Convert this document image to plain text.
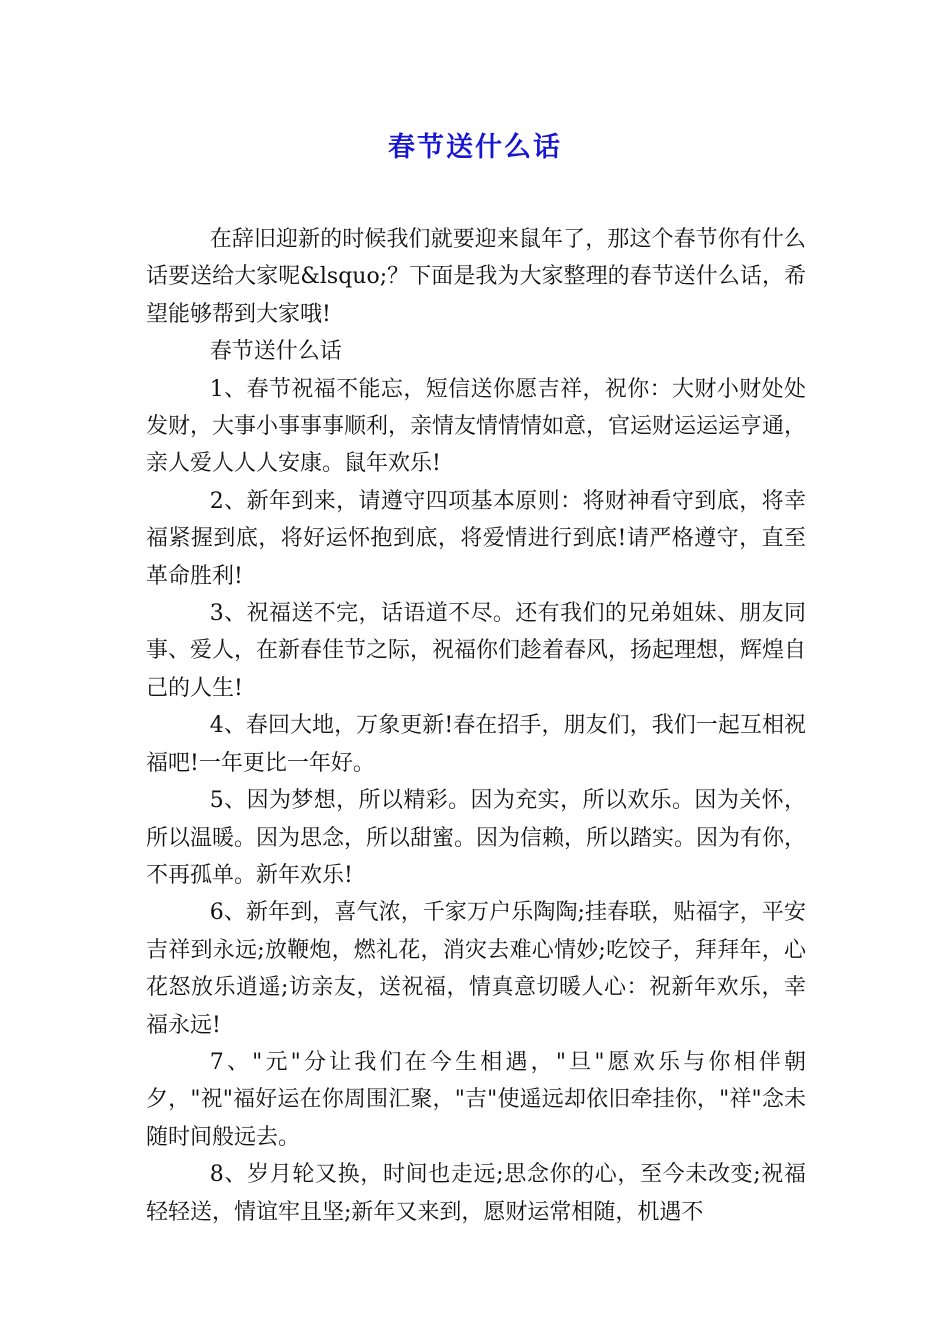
春节送什么话

在辞旧迎新的时候我们就要迎来鼠年了，那这个春节你有什么话要送给大家呢&lsquo;？下面是我为大家整理的春节送什么话，希望能够帮到大家哦!

春节送什么话

1、春节祝福不能忘，短信送你愿吉祥，祝你：大财小财处处发财，大事小事事事顺利，亲情友情情情如意，官运财运运运亨通，亲人爱人人人安康。鼠年欢乐!

2、新年到来，请遵守四项基本原则：将财神看守到底，将幸福紧握到底，将好运怀抱到底，将爱情进行到底!请严格遵守，直至革命胜利!

3、祝福送不完，话语道不尽。还有我们的兄弟姐妹、朋友同事、爱人，在新春佳节之际，祝福你们趁着春风，扬起理想，辉煌自己的人生!

4、春回大地，万象更新!春在招手，朋友们，我们一起互相祝福吧!一年更比一年好。

5、因为梦想，所以精彩。因为充实，所以欢乐。因为关怀，所以温暖。因为思念，所以甜蜜。因为信赖，所以踏实。因为有你，不再孤单。新年欢乐!

6、新年到，喜气浓，千家万户乐陶陶;挂春联，贴福字，平安吉祥到永远;放鞭炮，燃礼花，消灾去难心情妙;吃饺子，拜拜年，心花怒放乐逍遥;访亲友，送祝福，情真意切暖人心：祝新年欢乐，幸福永远!

7、"元"分让我们在今生相遇，"旦"愿欢乐与你相伴朝夕，"祝"福好运在你周围汇聚，"吉"使遥远却依旧牵挂你，"祥"念未随时间般远去。

8、岁月轮又换，时间也走远;思念你的心，至今未改变;祝福轻轻送，情谊牢且坚;新年又来到，愿财运常相随，机遇不
